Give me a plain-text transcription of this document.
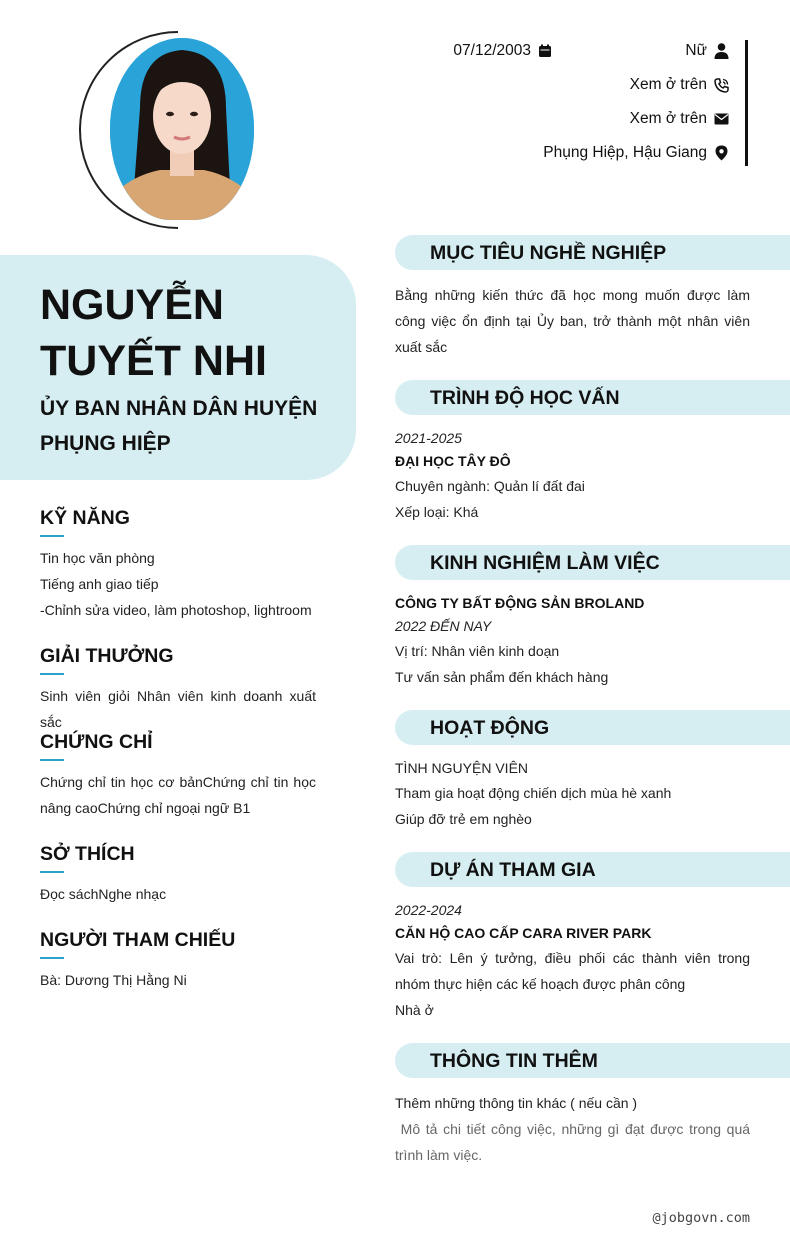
07/12/2003	Nữ
Xem ở trên
Xem ở trên
Phụng Hiệp, Hậu Giang
NGUYỄN TUYẾT NHI
ỦY BAN NHÂN DÂN HUYỆN PHỤNG HIỆP
KỸ NĂNG
Tin học văn phòng
Tiếng anh giao tiếp
-Chỉnh sửa video, làm photoshop, lightroom
GIẢI THƯỞNG
Sinh viên giỏi Nhân viên kinh doanh xuất sắc
CHỨNG CHỈ
Chứng chỉ tin học cơ bảnChứng chỉ tin học nâng caoChứng chỉ ngoại ngữ B1
SỞ THÍCH
Đọc sáchNghe nhạc
NGƯỜI THAM CHIẾU
Bà: Dương Thị Hằng Ni
MỤC TIÊU NGHỀ NGHIỆP
Bằng những kiến thức đã học mong muốn được làm công việc ổn định tại Ủy ban, trở thành một nhân viên xuất sắc
TRÌNH ĐỘ HỌC VẤN
2021-2025
ĐẠI HỌC TÂY ĐÔ
Chuyên ngành: Quản lí đất đai
Xếp loại: Khá
KINH NGHIỆM LÀM VIỆC
CÔNG TY BẤT ĐỘNG SẢN BROLAND
2022 ĐẾN NAY
Vị trí: Nhân viên kinh doạn
Tư vấn sản phẩm đến khách hàng
HOẠT ĐỘNG
TÌNH NGUYỆN VIÊN
Tham gia hoạt động chiến dịch mùa hè xanh
Giúp đỡ trẻ em nghèo
DỰ ÁN THAM GIA
2022-2024
CĂN HỘ CAO CẤP CARA RIVER PARK
Vai trò: Lên ý tưởng, điều phối các thành viên trong nhóm thực hiện các kế hoạch được phân công
Nhà ở
THÔNG TIN THÊM
Thêm những thông tin khác ( nếu cần )
Mô tả chi tiết công việc, những gì đạt được trong quá trình làm việc.
@jobgovn.com
